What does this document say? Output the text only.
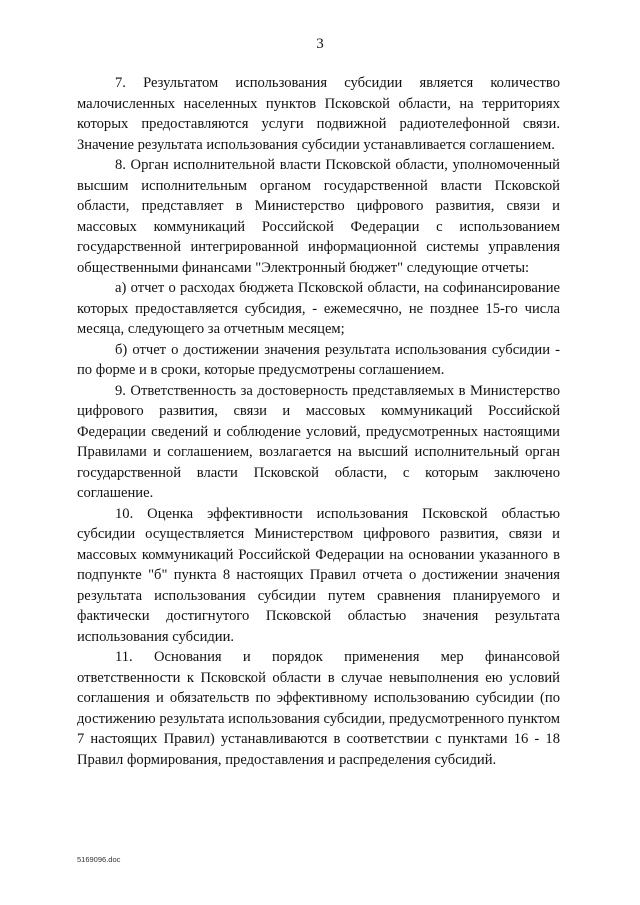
3

7. Результатом использования субсидии является количество малочисленных населенных пунктов Псковской области, на территориях которых предоставляются услуги подвижной радиотелефонной связи. Значение результата использования субсидии устанавливается соглашением.

8. Орган исполнительной власти Псковской области, уполномоченный высшим исполнительным органом государственной власти Псковской области, представляет в Министерство цифрового развития, связи и массовых коммуникаций Российской Федерации с использованием государственной интегрированной информационной системы управления общественными финансами "Электронный бюджет" следующие отчеты:

а) отчет о расходах бюджета Псковской области, на софинансирование которых предоставляется субсидия, - ежемесячно, не позднее 15-го числа месяца, следующего за отчетным месяцем;

б) отчет о достижении значения результата использования субсидии - по форме и в сроки, которые предусмотрены соглашением.

9. Ответственность за достоверность представляемых в Министерство цифрового развития, связи и массовых коммуникаций Российской Федерации сведений и соблюдение условий, предусмотренных настоящими Правилами и соглашением, возлагается на высший исполнительный орган государственной власти Псковской области, с которым заключено соглашение.

10. Оценка эффективности использования Псковской областью субсидии осуществляется Министерством цифрового развития, связи и массовых коммуникаций Российской Федерации на основании указанного в подпункте "б" пункта 8 настоящих Правил отчета о достижении значения результата использования субсидии путем сравнения планируемого и фактически достигнутого Псковской областью значения результата использования субсидии.

11. Основания и порядок применения мер финансовой ответственности к Псковской области в случае невыполнения ею условий соглашения и обязательств по эффективному использованию субсидии (по достижению результата использования субсидии, предусмотренного пунктом 7 настоящих Правил) устанавливаются в соответствии с пунктами 16 - 18 Правил формирования, предоставления и распределения субсидий.

5169096.doc
